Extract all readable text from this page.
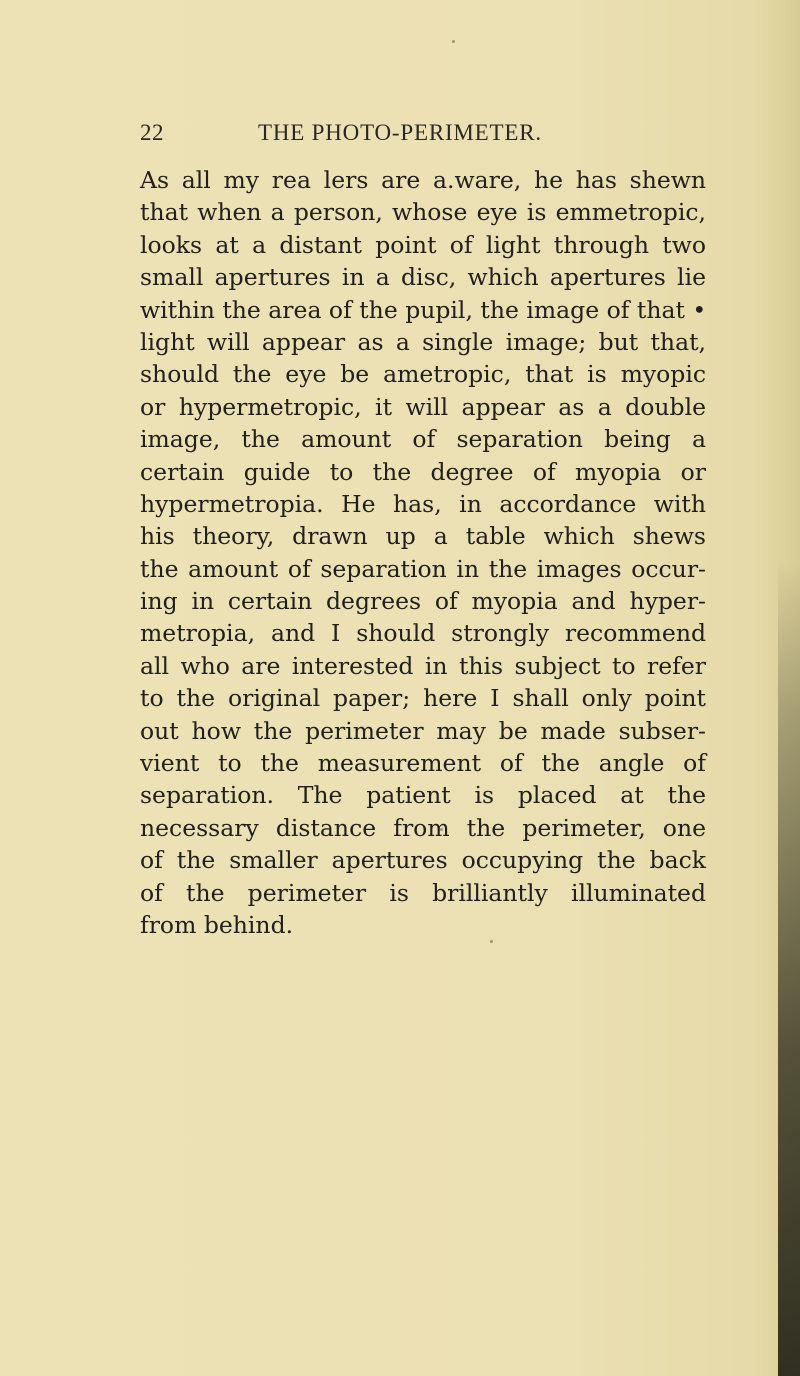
22	THE PHOTO-PERIMETER.
As all my rea lers are a.ware, he has shewn
that when a person, whose eye is emmetropic,
looks at a distant point of light through two
small apertures in a disc, which apertures lie
within the area of the pupil, the image of that •
light will appear as a single image; but that,
should the eye be ametropic, that is myopic
or hypermetropic, it will appear as a double
image, the amount of separation being a
certain guide to the degree of myopia or
hypermetropia. He has, in accordance with
his theory, drawn up a table which shews
the amount of separation in the images occur-
ing in certain degrees of myopia and hyper-
metropia, and I should strongly recommend
all who are interested in this subject to refer
to the original paper; here I shall only point
out how the perimeter may be made subser-
vient to the measurement of the angle of
separation. The patient is placed at the
necessary distance from the perimeter, one
of the smaller apertures occupying the back
of the perimeter is brilliantly illuminated
from behind.
